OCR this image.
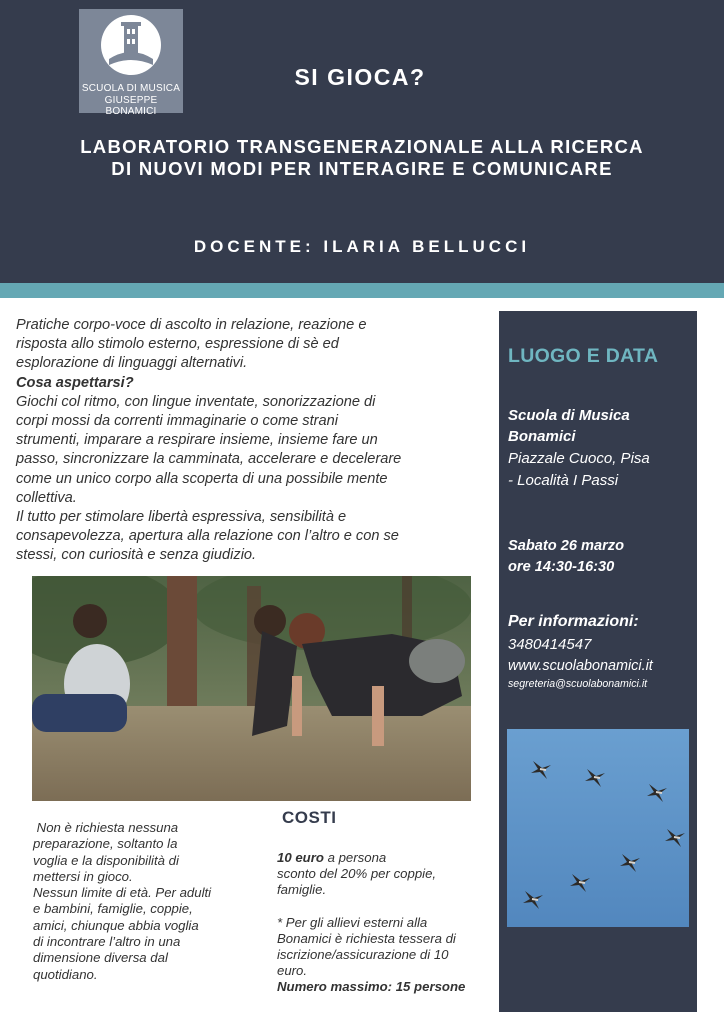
SCUOLA DI MUSICA
GIUSEPPE BONAMICI
SI GIOCA?
LABORATORIO TRANSGENERAZIONALE ALLA RICERCA
DI NUOVI MODI PER INTERAGIRE E COMUNICARE
DOCENTE: ILARIA BELLUCCI
Pratiche corpo-voce di ascolto in relazione, reazione e
risposta allo stimolo esterno, espressione di sè ed
esplorazione di linguaggi alternativi.
Cosa aspettarsi?
Giochi col ritmo, con lingue inventate, sonorizzazione di
corpi mossi da correnti immaginarie o come strani
strumenti, imparare a respirare insieme, insieme fare un
passo, sincronizzare la camminata, accelerare e decelerare
come un unico corpo alla scoperta di una possibile mente
collettiva.
Il tutto per stimolare libertà espressiva, sensibilità e
consapevolezza, apertura alla relazione con l’altro e con se
stessi, con curiosità e senza giudizio.
LUOGO E DATA
Scuola di Musica
Bonamici
Piazzale Cuoco, Pisa
- Località I Passi
Sabato 26 marzo
ore 14:30-16:30
Per informazioni:
3480414547
www.scuolabonamici.it
segreteria@scuolabonamici.it
COSTI
Non è richiesta nessuna
preparazione, soltanto la
voglia e la disponibilità di
mettersi in gioco.
Nessun limite di età. Per adulti
e bambini, famiglie, coppie,
amici, chiunque abbia voglia
di incontrare l’altro in una
dimensione diversa dal
quotidiano.
10 euro a persona
sconto del 20% per coppie,
famiglie.
* Per gli allievi esterni alla
Bonamici è richiesta tessera di
iscrizione/assicurazione di 10
euro.
Numero massimo: 15 persone
